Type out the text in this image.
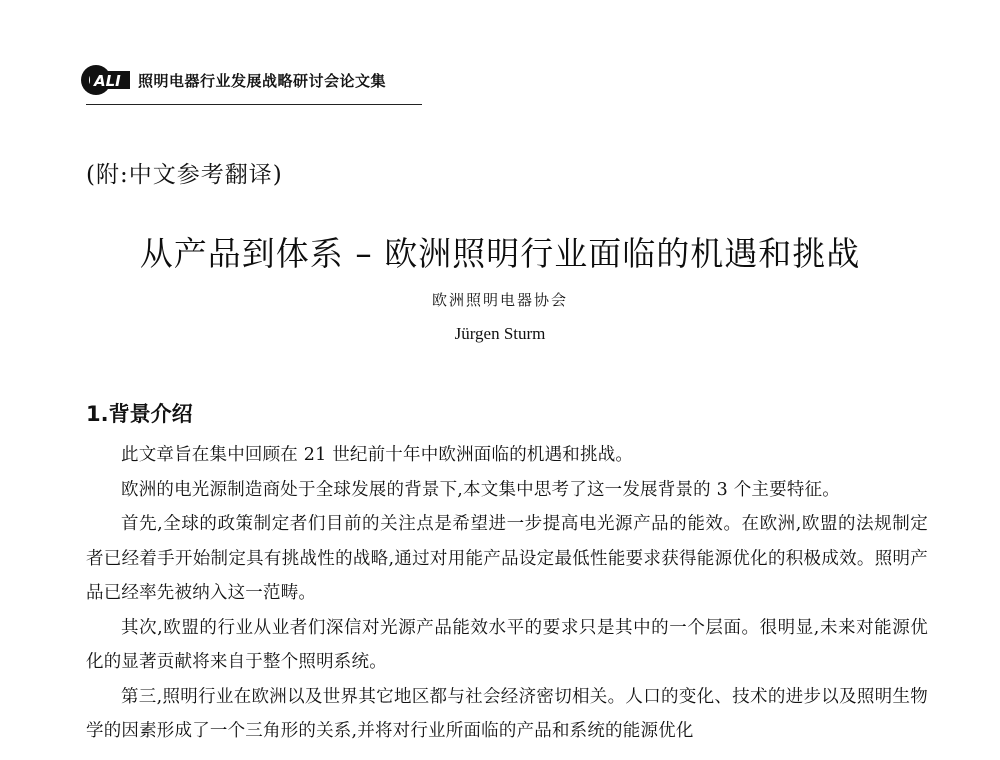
ALI 照明电器行业发展战略研讨会论文集
(附:中文参考翻译)
从产品到体系 – 欧洲照明行业面临的机遇和挑战
欧洲照明电器协会
Jürgen Sturm
1.背景介绍

此文章旨在集中回顾在 21 世纪前十年中欧洲面临的机遇和挑战。

欧洲的电光源制造商处于全球发展的背景下,本文集中思考了这一发展背景的 3 个主要特征。

首先,全球的政策制定者们目前的关注点是希望进一步提高电光源产品的能效。在欧洲,欧盟的法规制定者已经着手开始制定具有挑战性的战略,通过对用能产品设定最低性能要求获得能源优化的积极成效。照明产品已经率先被纳入这一范畴。

其次,欧盟的行业从业者们深信对光源产品能效水平的要求只是其中的一个层面。很明显,未来对能源优化的显著贡献将来自于整个照明系统。

第三,照明行业在欧洲以及世界其它地区都与社会经济密切相关。人口的变化、技术的进步以及照明生物学的因素形成了一个三角形的关系,并将对行业所面临的产品和系统的能源优化
